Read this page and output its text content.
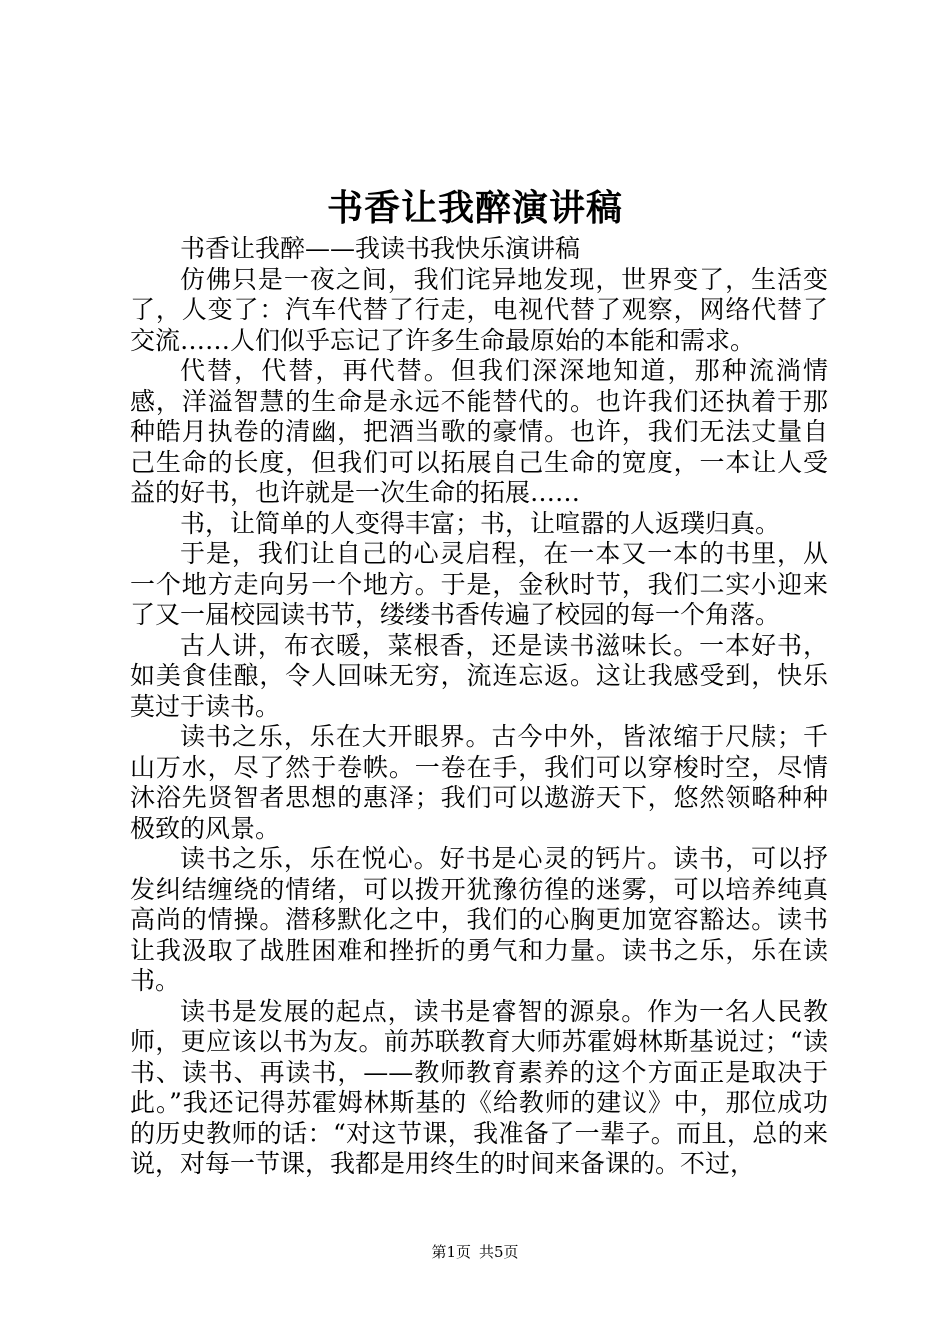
书香让我醉演讲稿

书香让我醉——我读书我快乐演讲稿

仿佛只是一夜之间，我们诧异地发现，世界变了，生活变了，人变了：汽车代替了行走，电视代替了观察，网络代替了交流……人们似乎忘记了许多生命最原始的本能和需求。

代替，代替，再代替。但我们深深地知道，那种流淌情感，洋溢智慧的生命是永远不能替代的。也许我们还执着于那种皓月执卷的清幽，把酒当歌的豪情。也许，我们无法丈量自己生命的长度，但我们可以拓展自己生命的宽度，一本让人受益的好书，也许就是一次生命的拓展……

书，让简单的人变得丰富；书，让喧嚣的人返璞归真。

于是，我们让自己的心灵启程，在一本又一本的书里，从一个地方走向另一个地方。于是，金秋时节，我们二实小迎来了又一届校园读书节，缕缕书香传遍了校园的每一个角落。

古人讲，布衣暖，菜根香，还是读书滋味长。一本好书，如美食佳酿，令人回味无穷，流连忘返。这让我感受到，快乐莫过于读书。

读书之乐，乐在大开眼界。古今中外，皆浓缩于尺牍；千山万水，尽了然于卷帙。一卷在手，我们可以穿梭时空，尽情沐浴先贤智者思想的惠泽；我们可以遨游天下，悠然领略种种极致的风景。

读书之乐，乐在悦心。好书是心灵的钙片。读书，可以抒发纠结缠绕的情绪，可以拨开犹豫彷徨的迷雾，可以培养纯真高尚的情操。潜移默化之中，我们的心胸更加宽容豁达。读书让我汲取了战胜困难和挫折的勇气和力量。读书之乐，乐在读书。

读书是发展的起点，读书是睿智的源泉。作为一名人民教师，更应该以书为友。前苏联教育大师苏霍姆林斯基说过；“读书、读书、再读书，——教师教育素养的这个方面正是取决于此。”我还记得苏霍姆林斯基的《给教师的建议》中，那位成功的历史教师的话：“对这节课，我准备了一辈子。而且，总的来说，对每一节课，我都是用终生的时间来备课的。不过，

第1页 共5页
